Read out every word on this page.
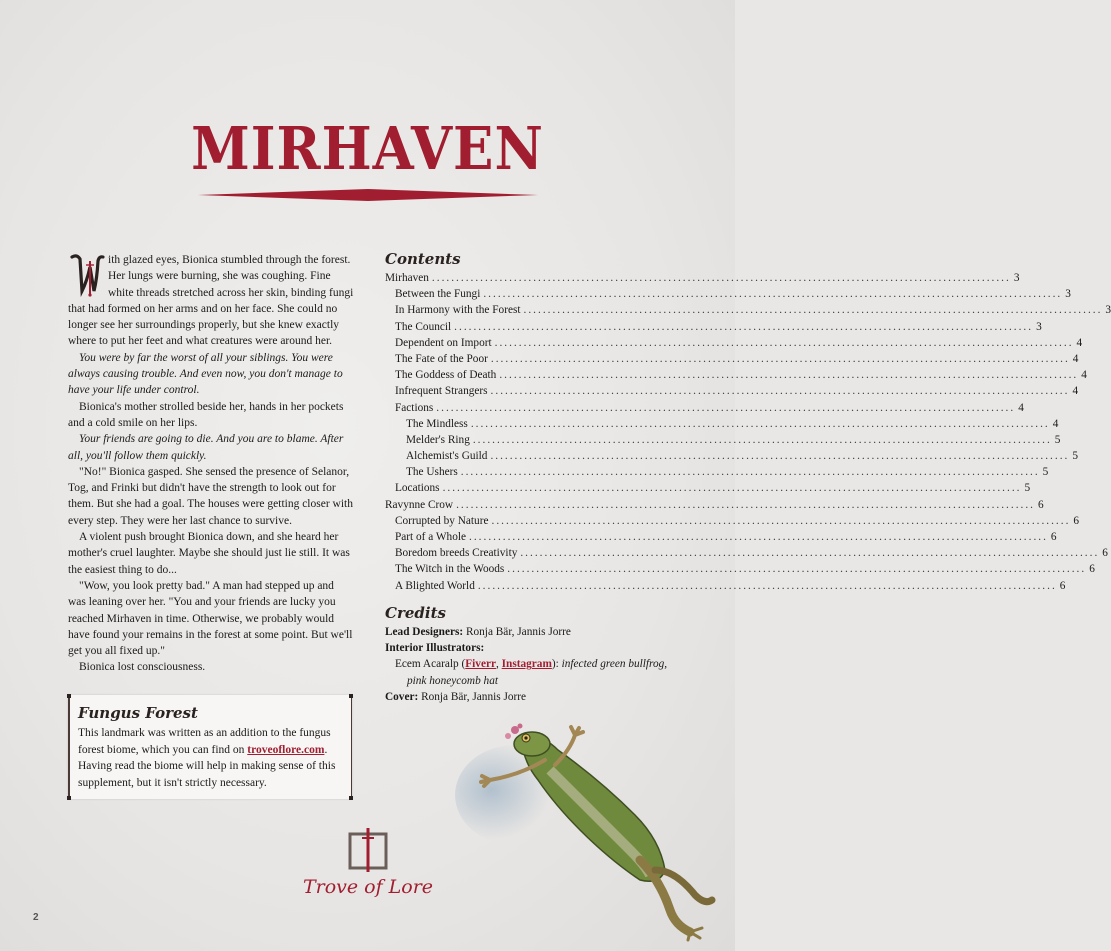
MIRHAVEN

ith glazed eyes, Bionica stumbled through the forest. Her lungs were burning, she was coughing. Fine white threads stretched across her skin, binding fungi that had formed on her arms and on her face. She could no longer see her surroundings properly, but she knew exactly where to put her feet and what creatures were around her.

You were by far the worst of all your siblings. You were always causing trouble. And even now, you don't manage to have your life under control.

Bionica's mother strolled beside her, hands in her pockets and a cold smile on her lips.

Your friends are going to die. And you are to blame. After all, you'll follow them quickly.

"No!" Bionica gasped. She sensed the presence of Selanor, Tog, and Frinki but didn't have the strength to look out for them. But she had a goal. The houses were getting closer with every step. They were her last chance to survive.

A violent push brought Bionica down, and she heard her mother's cruel laughter. Maybe she should just lie still. It was the easiest thing to do...

"Wow, you look pretty bad." A man had stepped up and was leaning over her. "You and your friends are lucky you reached Mirhaven in time. Otherwise, we probably would have found your remains in the forest at some point. But we'll get you all fixed up."

Bionica lost consciousness.

Fungus Forest

This landmark was written as an addition to the fungus forest biome, which you can find on troveoflore.com. Having read the biome will help in making sense of this supplement, but it isn't strictly necessary.

Contents
Mirhaven ........................................................................................................................ 3
Between the Fungi ........................................................................................................................ 3
In Harmony with the Forest ........................................................................................................................ 3
The Council ........................................................................................................................ 3
Dependent on Import ........................................................................................................................ 4
The Fate of the Poor ........................................................................................................................ 4
The Goddess of Death ........................................................................................................................ 4
Infrequent Strangers ........................................................................................................................ 4
Factions ........................................................................................................................ 4
The Mindless ........................................................................................................................ 4
Melder's Ring ........................................................................................................................ 5
Alchemist's Guild ........................................................................................................................ 5
The Ushers ........................................................................................................................ 5
Locations ........................................................................................................................ 5
Ravynne Crow ........................................................................................................................ 6
Corrupted by Nature ........................................................................................................................ 6
Part of a Whole ........................................................................................................................ 6
Boredom breeds Creativity ........................................................................................................................ 6
The Witch in the Woods ........................................................................................................................ 6
A Blighted World ........................................................................................................................ 6
Credits
Lead Designers: Ronja Bär, Jannis Jorre
Interior Illustrators:
Ecem Acaralp (Fiverr, Instagram): infected green bullfrog,
pink honeycomb hat
Cover: Ronja Bär, Jannis Jorre
Trove of Lore
2
